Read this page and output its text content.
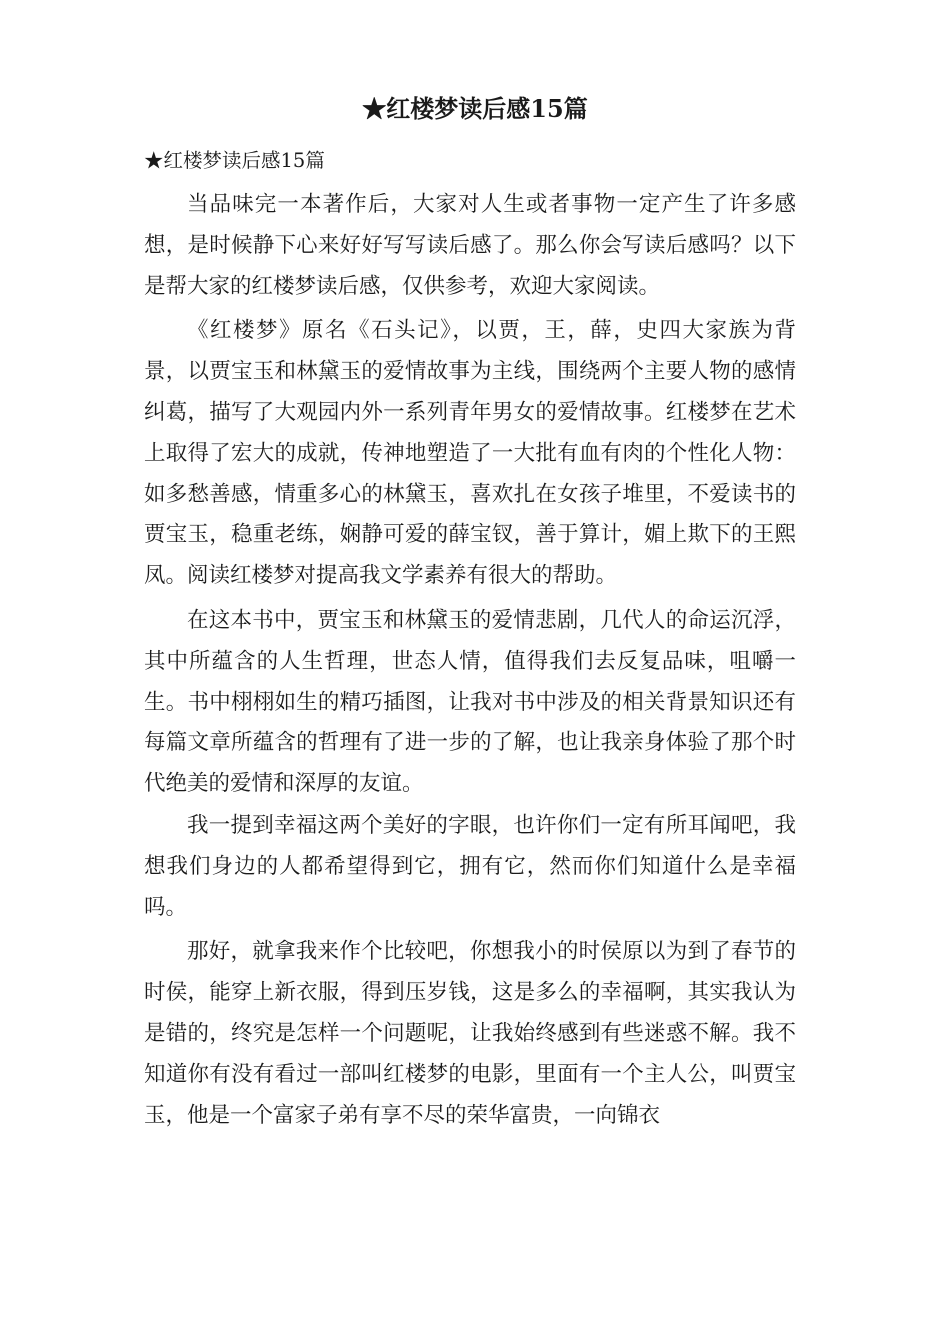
★红楼梦读后感15篇

★红楼梦读后感15篇

当品味完一本著作后，大家对人生或者事物一定产生了许多感想，是时候静下心来好好写写读后感了。那么你会写读后感吗？以下是帮大家的红楼梦读后感，仅供参考，欢迎大家阅读。

《红楼梦》原名《石头记》，以贾，王，薛，史四大家族为背景，以贾宝玉和林黛玉的爱情故事为主线，围绕两个主要人物的感情纠葛，描写了大观园内外一系列青年男女的爱情故事。红楼梦在艺术上取得了宏大的成就，传神地塑造了一大批有血有肉的个性化人物：如多愁善感，情重多心的林黛玉，喜欢扎在女孩子堆里，不爱读书的贾宝玉，稳重老练，娴静可爱的薛宝钗，善于算计，媚上欺下的王熙凤。阅读红楼梦对提高我文学素养有很大的帮助。

在这本书中，贾宝玉和林黛玉的爱情悲剧，几代人的命运沉浮，其中所蕴含的人生哲理，世态人情，值得我们去反复品味，咀嚼一生。书中栩栩如生的精巧插图，让我对书中涉及的相关背景知识还有每篇文章所蕴含的哲理有了进一步的了解，也让我亲身体验了那个时代绝美的爱情和深厚的友谊。

我一提到幸福这两个美好的字眼，也许你们一定有所耳闻吧，我想我们身边的人都希望得到它，拥有它，然而你们知道什么是幸福吗。

那好，就拿我来作个比较吧，你想我小的时侯原以为到了春节的时侯，能穿上新衣服，得到压岁钱，这是多么的幸福啊，其实我认为是错的，终究是怎样一个问题呢，让我始终感到有些迷惑不解。我不知道你有没有看过一部叫红楼梦的电影，里面有一个主人公，叫贾宝玉，他是一个富家子弟有享不尽的荣华富贵，一向锦衣
